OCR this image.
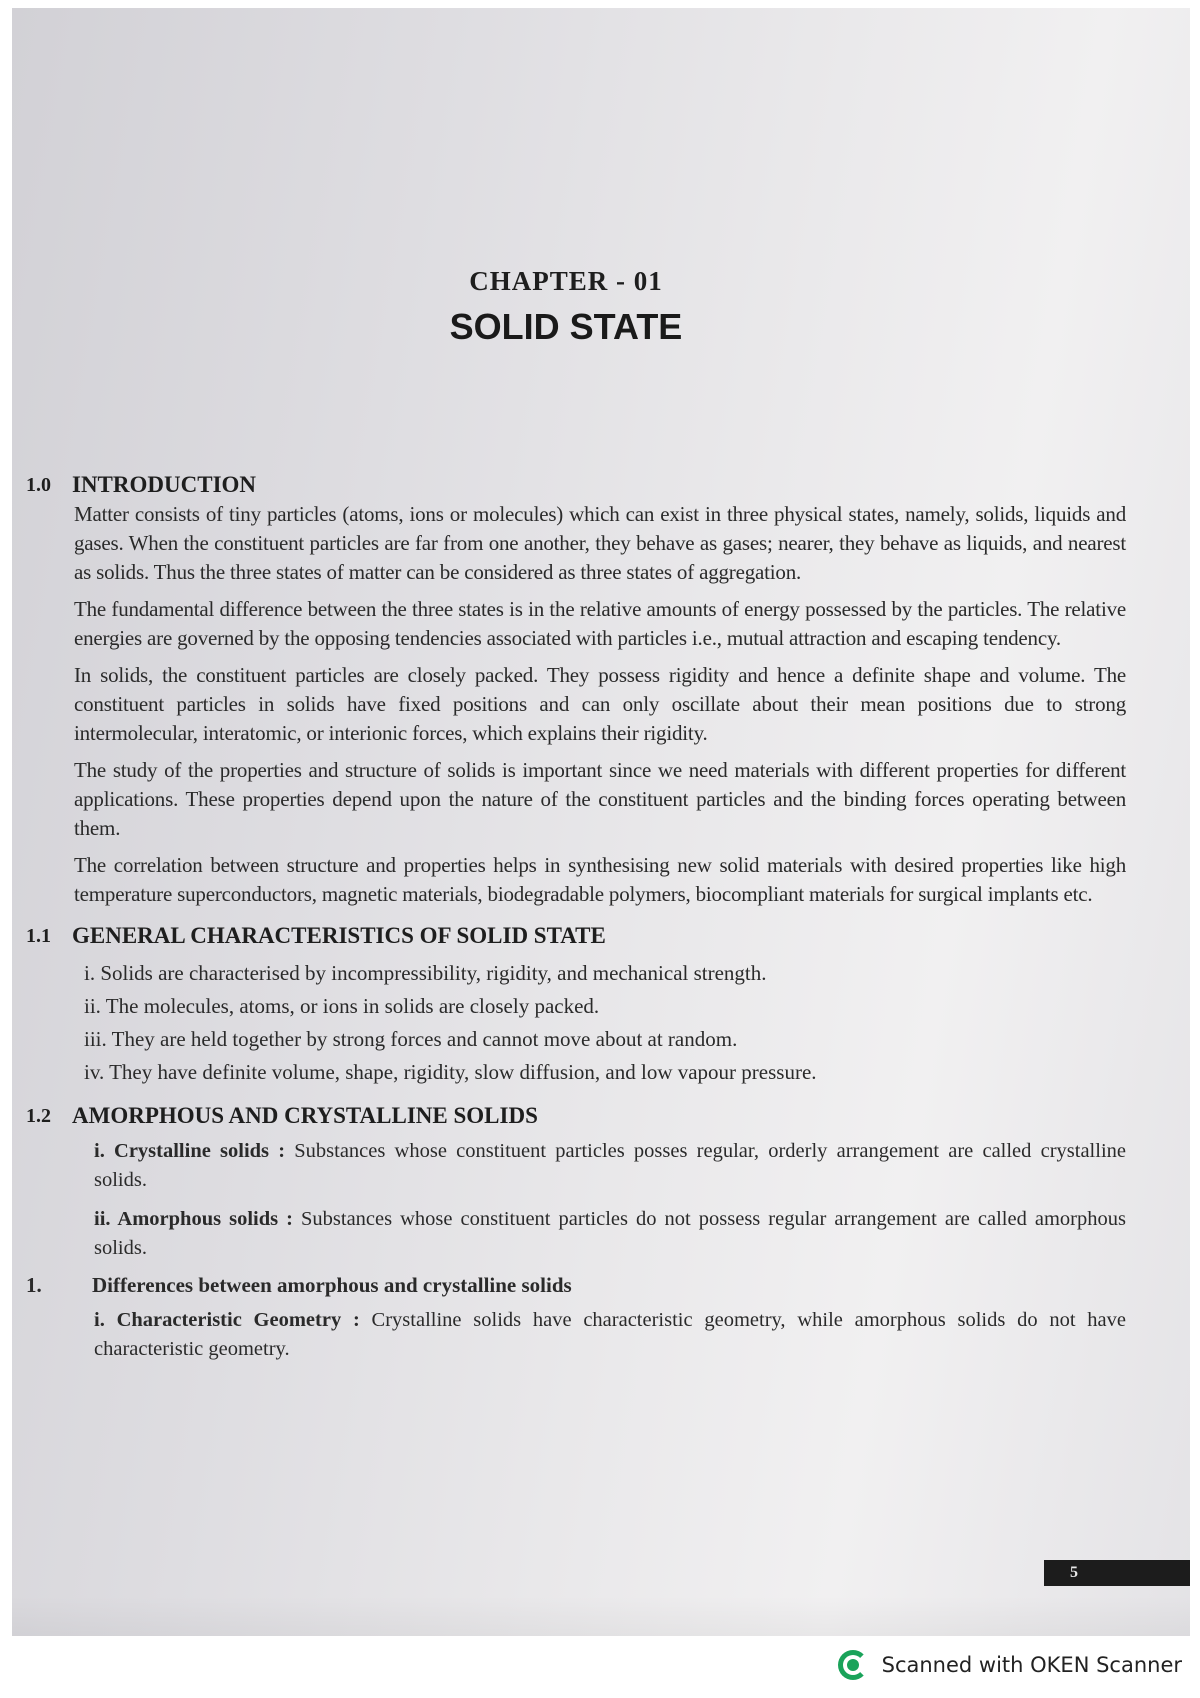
CHAPTER - 01
SOLID STATE
1.0 INTRODUCTION

Matter consists of tiny particles (atoms, ions or molecules) which can exist in three physical states, namely, solids, liquids and gases. When the constituent particles are far from one another, they behave as gases; nearer, they behave as liquids, and nearest as solids. Thus the three states of matter can be considered as three states of aggregation.

The fundamental difference between the three states is in the relative amounts of energy possessed by the particles. The relative energies are governed by the opposing tendencies associated with particles i.e., mutual attraction and escaping tendency.

In solids, the constituent particles are closely packed. They possess rigidity and hence a definite shape and volume. The constituent particles in solids have fixed positions and can only oscillate about their mean positions due to strong intermolecular, interatomic, or interionic forces, which explains their rigidity.

The study of the properties and structure of solids is important since we need materials with different properties for different applications. These properties depend upon the nature of the constituent particles and the binding forces operating between them.

The correlation between structure and properties helps in synthesising new solid materials with desired properties like high temperature superconductors, magnetic materials, biodegradable polymers, biocompliant materials for surgical implants etc.

1.1 GENERAL CHARACTERISTICS OF SOLID STATE
i. Solids are characterised by incompressibility, rigidity, and mechanical strength.
ii. The molecules, atoms, or ions in solids are closely packed.
iii. They are held together by strong forces and cannot move about at random.
iv. They have definite volume, shape, rigidity, slow diffusion, and low vapour pressure.
1.2 AMORPHOUS AND CRYSTALLINE SOLIDS

i. Crystalline solids : Substances whose constituent particles posses regular, orderly arrangement are called crystalline solids.

ii. Amorphous solids : Substances whose constituent particles do not possess regular arrangement are called amorphous solids.

1.	Differences between amorphous and crystalline solids

i. Characteristic Geometry : Crystalline solids have characteristic geometry, while amorphous solids do not have characteristic geometry.

5
Scanned with OKEN Scanner
